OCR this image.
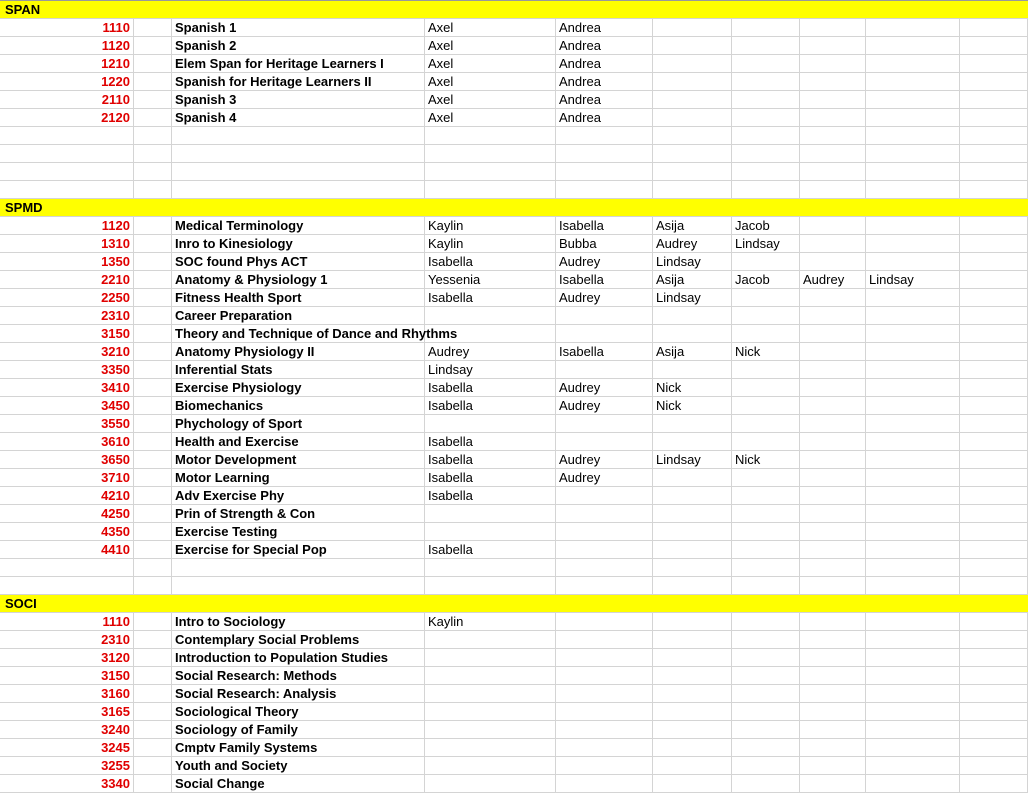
SPAN
1110	Spanish 1	Axel	Andrea
1120	Spanish 2	Axel	Andrea
1210	Elem Span for Heritage Learners I	Axel	Andrea
1220	Spanish for Heritage Learners II	Axel	Andrea
2110	Spanish 3	Axel	Andrea
2120	Spanish 4	Axel	Andrea
SPMD
1120	Medical Terminology	Kaylin	Isabella	Asija	Jacob
1310	Inro to Kinesiology	Kaylin	Bubba	Audrey	Lindsay
1350	SOC found Phys ACT	Isabella	Audrey	Lindsay
2210	Anatomy & Physiology 1	Yessenia	Isabella	Asija	Jacob	Audrey	Lindsay
2250	Fitness Health Sport	Isabella	Audrey	Lindsay
2310	Career Preparation
3150	Theory and Technique of Dance and Rhythms
3210	Anatomy Physiology II	Audrey	Isabella	Asija	Nick
3350	Inferential Stats	Lindsay
3410	Exercise Physiology	Isabella	Audrey	Nick
3450	Biomechanics	Isabella	Audrey	Nick
3550	Phychology of Sport
3610	Health and Exercise	Isabella
3650	Motor Development	Isabella	Audrey	Lindsay	Nick
3710	Motor Learning	Isabella	Audrey
4210	Adv Exercise Phy	Isabella
4250	Prin of Strength & Con
4350	Exercise Testing
4410	Exercise for Special Pop	Isabella
SOCI
1110	Intro to Sociology	Kaylin
2310	Contemplary Social Problems
3120	Introduction to Population Studies
3150	Social Research: Methods
3160	Social Research: Analysis
3165	Sociological Theory
3240	Sociology of Family
3245	Cmptv Family Systems
3255	Youth and Society
3340	Social Change
